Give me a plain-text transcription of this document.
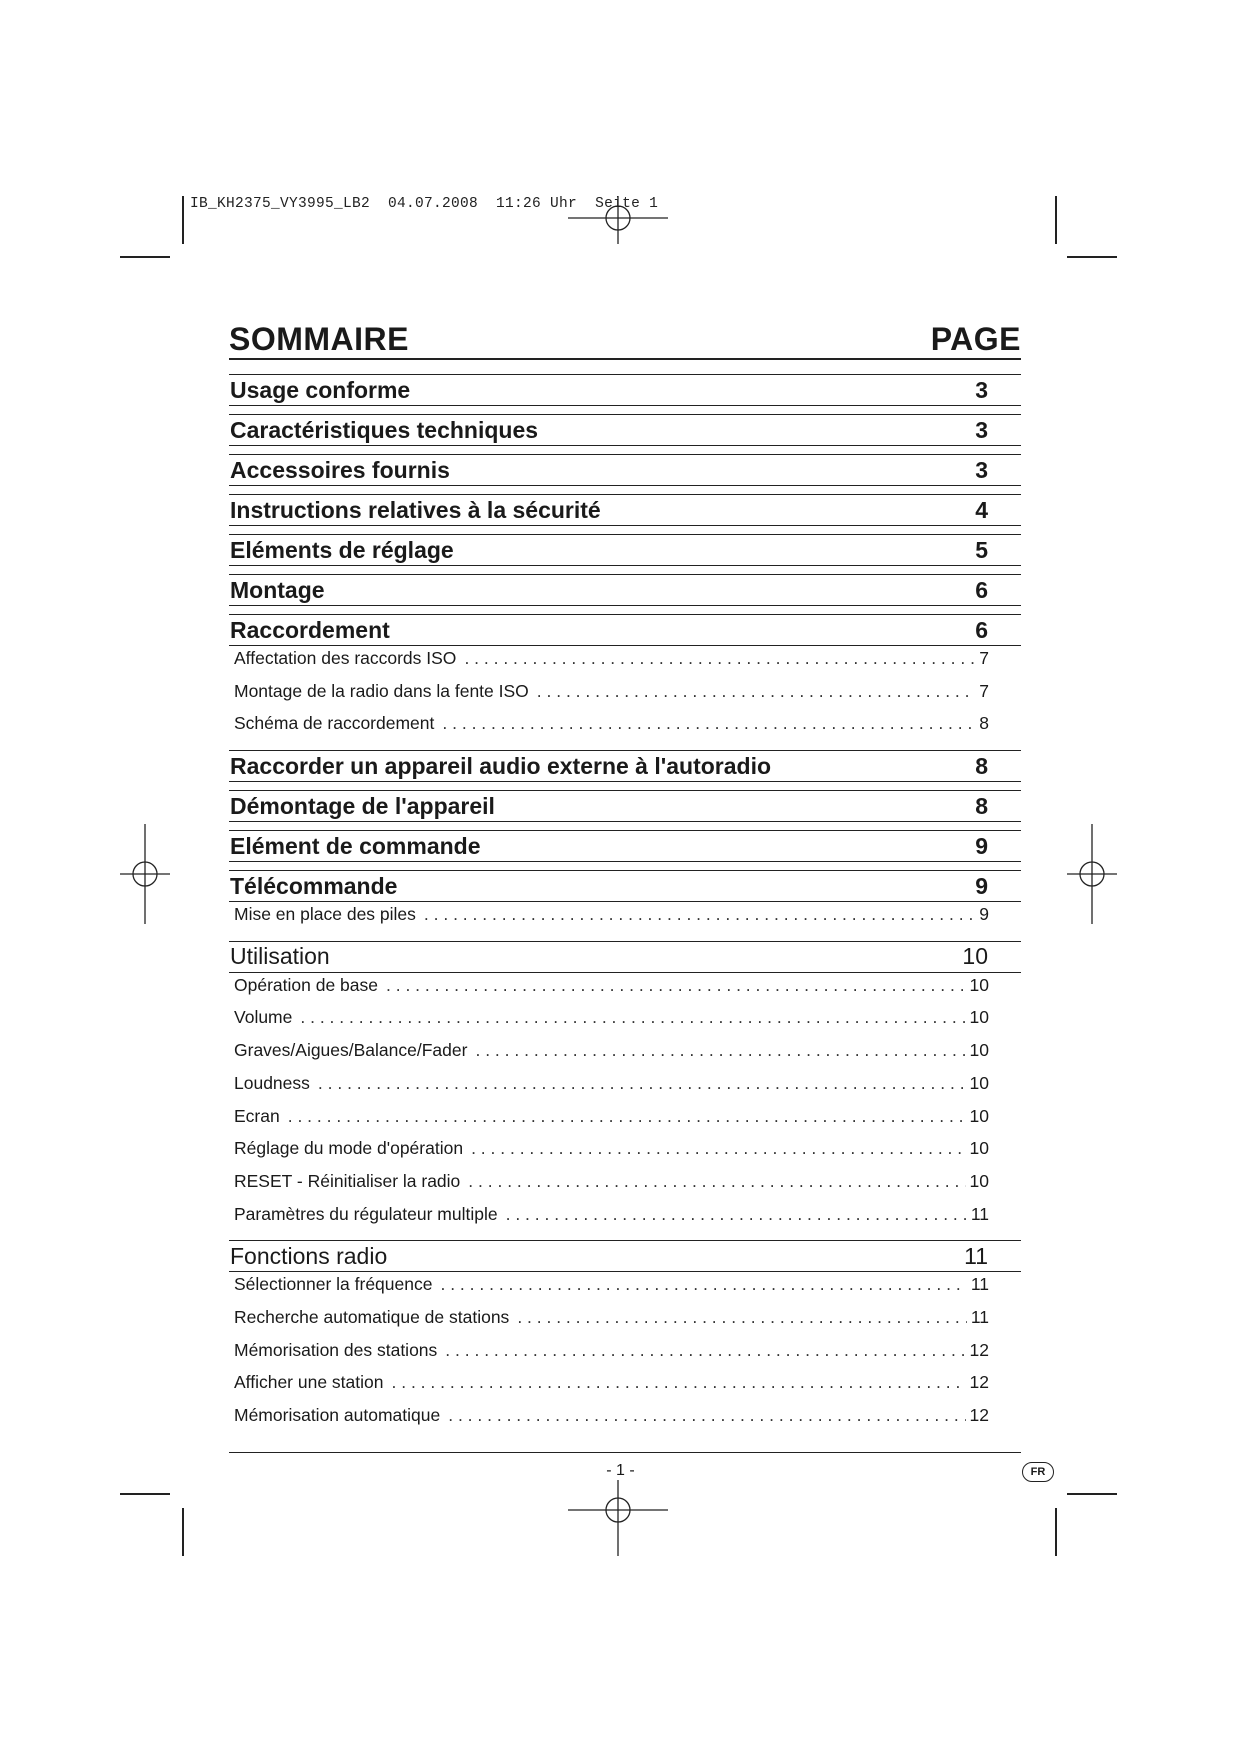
IB_KH2375_VY3995_LB2  04.07.2008  11:26 Uhr  Seite 1
SOMMAIRE	PAGE
Usage conforme	3
Caractéristiques techniques	3
Accessoires fournis	3
Instructions relatives à la sécurité	4
Eléments de réglage	5
Montage	6
Raccordement	6
Affectation des raccords ISO . . .	7
Montage de la radio dans la fente ISO . . .	7
Schéma de raccordement . . .	8
Raccorder un appareil audio externe à l'autoradio	8
Démontage de l'appareil	8
Elément de commande	9
Télécommande	9
Mise en place des piles . . .	9
Utilisation	10
Opération de base . . .	10
Volume . . .	10
Graves/Aigues/Balance/Fader . . .	10
Loudness . . .	10
Ecran . . .	10
Réglage du mode d'opération . . .	10
RESET - Réinitialiser la radio . . .	10
Paramètres du régulateur multiple . . .	11
Fonctions radio	11
Sélectionner la fréquence . . .	11
Recherche automatique de stations . . .	11
Mémorisation des stations . . .	12
Afficher une station . . .	12
Mémorisation automatique . . .	12
- 1 -	FR
